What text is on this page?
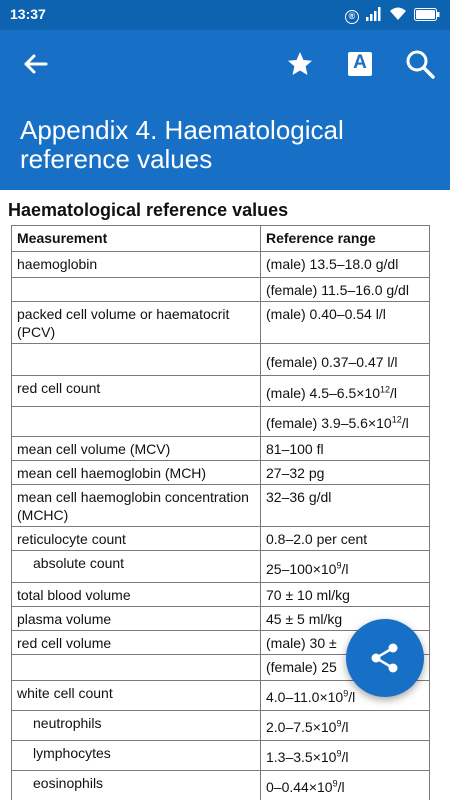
13:37	®
A
Appendix 4. Haematological reference values
Haematological reference values
Measurement	Reference range
haemoglobin	(male) 13.5–18.0 g/dl
	(female) 11.5–16.0 g/dl
packed cell volume or haematocrit (PCV)	(male) 0.40–0.54 l/l
	(female) 0.37–0.47 l/l
red cell count	(male) $4.5-6.5\times 10^{12}/l$
	(female) $3.9-5.6\times 10^{12}/l$
mean cell volume (MCV)	81–100 fl
mean cell haemoglobin (MCH)	27–32 pg
mean cell haemoglobin concentration (MCHC)	32–36 g/dl
reticulocyte count	0.8–2.0 per cent
absolute count	$25-100\times 10^9/l$
total blood volume	70 ± 10 ml/kg
plasma volume	45 ± 5 ml/kg
red cell volume	(male) 30 ±
	(female) 25
white cell count	$4.0-11.0\times 10^9/l$
neutrophils	$2.0-7.5\times 10^9/l$
lymphocytes	$1.3-3.5\times 10^9/l$
eosinophils	$0-0.44\times 10^9/l$
